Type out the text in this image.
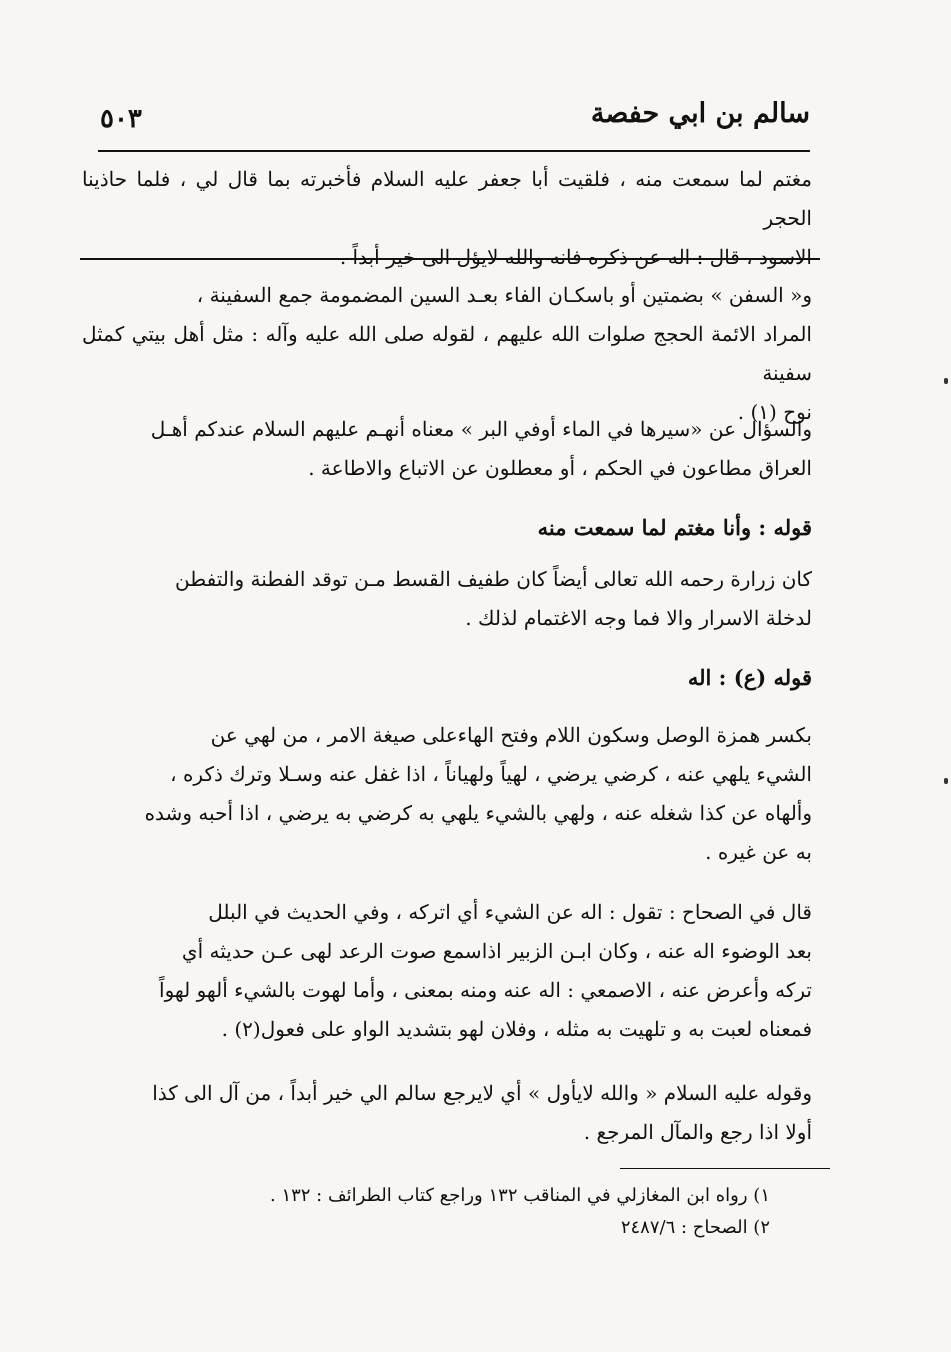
سالم بن ابي حفصة
٥٠٣

مغتم لما سمعت منه ، فلقيت أبا جعفر عليه السلام فأخبرته بما قال لي ، فلما حاذينا الحجر

الاسود ، قال : اله عن ذكره فانه والله لايؤل الى خير أبداً .

و« السفن » بضمتين أو باسكـان الفاء بعـد السين المضمومة جمع السفينة ،

المراد الائمة الحجج صلوات الله عليهم ، لقوله صلى الله عليه وآله : مثل أهل بيتي كمثل سفينة

نوح (١) .

والسؤال عن «سيرها في الماء أوفي البر » معناه أنهـم عليهم السلام عندكم أهـل

العراق مطاعون في الحكم ، أو معطلون عن الاتباع والاطاعة .

قوله : وأنا مغتم لما سمعت منه

كان زرارة رحمه الله تعالى أيضاً كان طفيف القسط مـن توقد الفطنة والتفطن

لدخلة الاسرار والا فما وجه الاغتمام لذلك .

قوله (ع) : اله

بكسر همزة الوصل وسكون اللام وفتح الهاءعلى صيغة الامر ، من لهي عن

الشيء يلهي عنه ، كرضي يرضي ، لهياً ولهياناً ، اذا غفل عنه وسـلا وترك ذكره ،

وألهاه عن كذا شغله عنه ، ولهي بالشيء يلهي به كرضي به يرضي ، اذا أحبه وشده

به عن غيره .

قال في الصحاح : تقول : اله عن الشيء أي اتركه ، وفي الحديث في البلل

بعد الوضوء اله عنه ، وكان ابـن الزبير اذاسمع صوت الرعد لهى عـن حديثه أي

تركه وأعرض عنه ، الاصمعي : اله عنه ومنه بمعنى ، وأما لهوت بالشيء ألهو لهواً

فمعناه لعبت به و تلهيت به مثله ، وفلان لهو بتشديد الواو على فعول(٢) .

وقوله عليه السلام « والله لايأول » أي لايرجع سالم الي خير أبداً ، من آل الى كذا

أولا اذا رجع والمآل المرجع .

١) رواه ابن المغازلي في المناقب ١٣٢ وراجع كتاب الطرائف : ١٣٢ .

٢) الصحاح : ٢٤٨٧/٦
